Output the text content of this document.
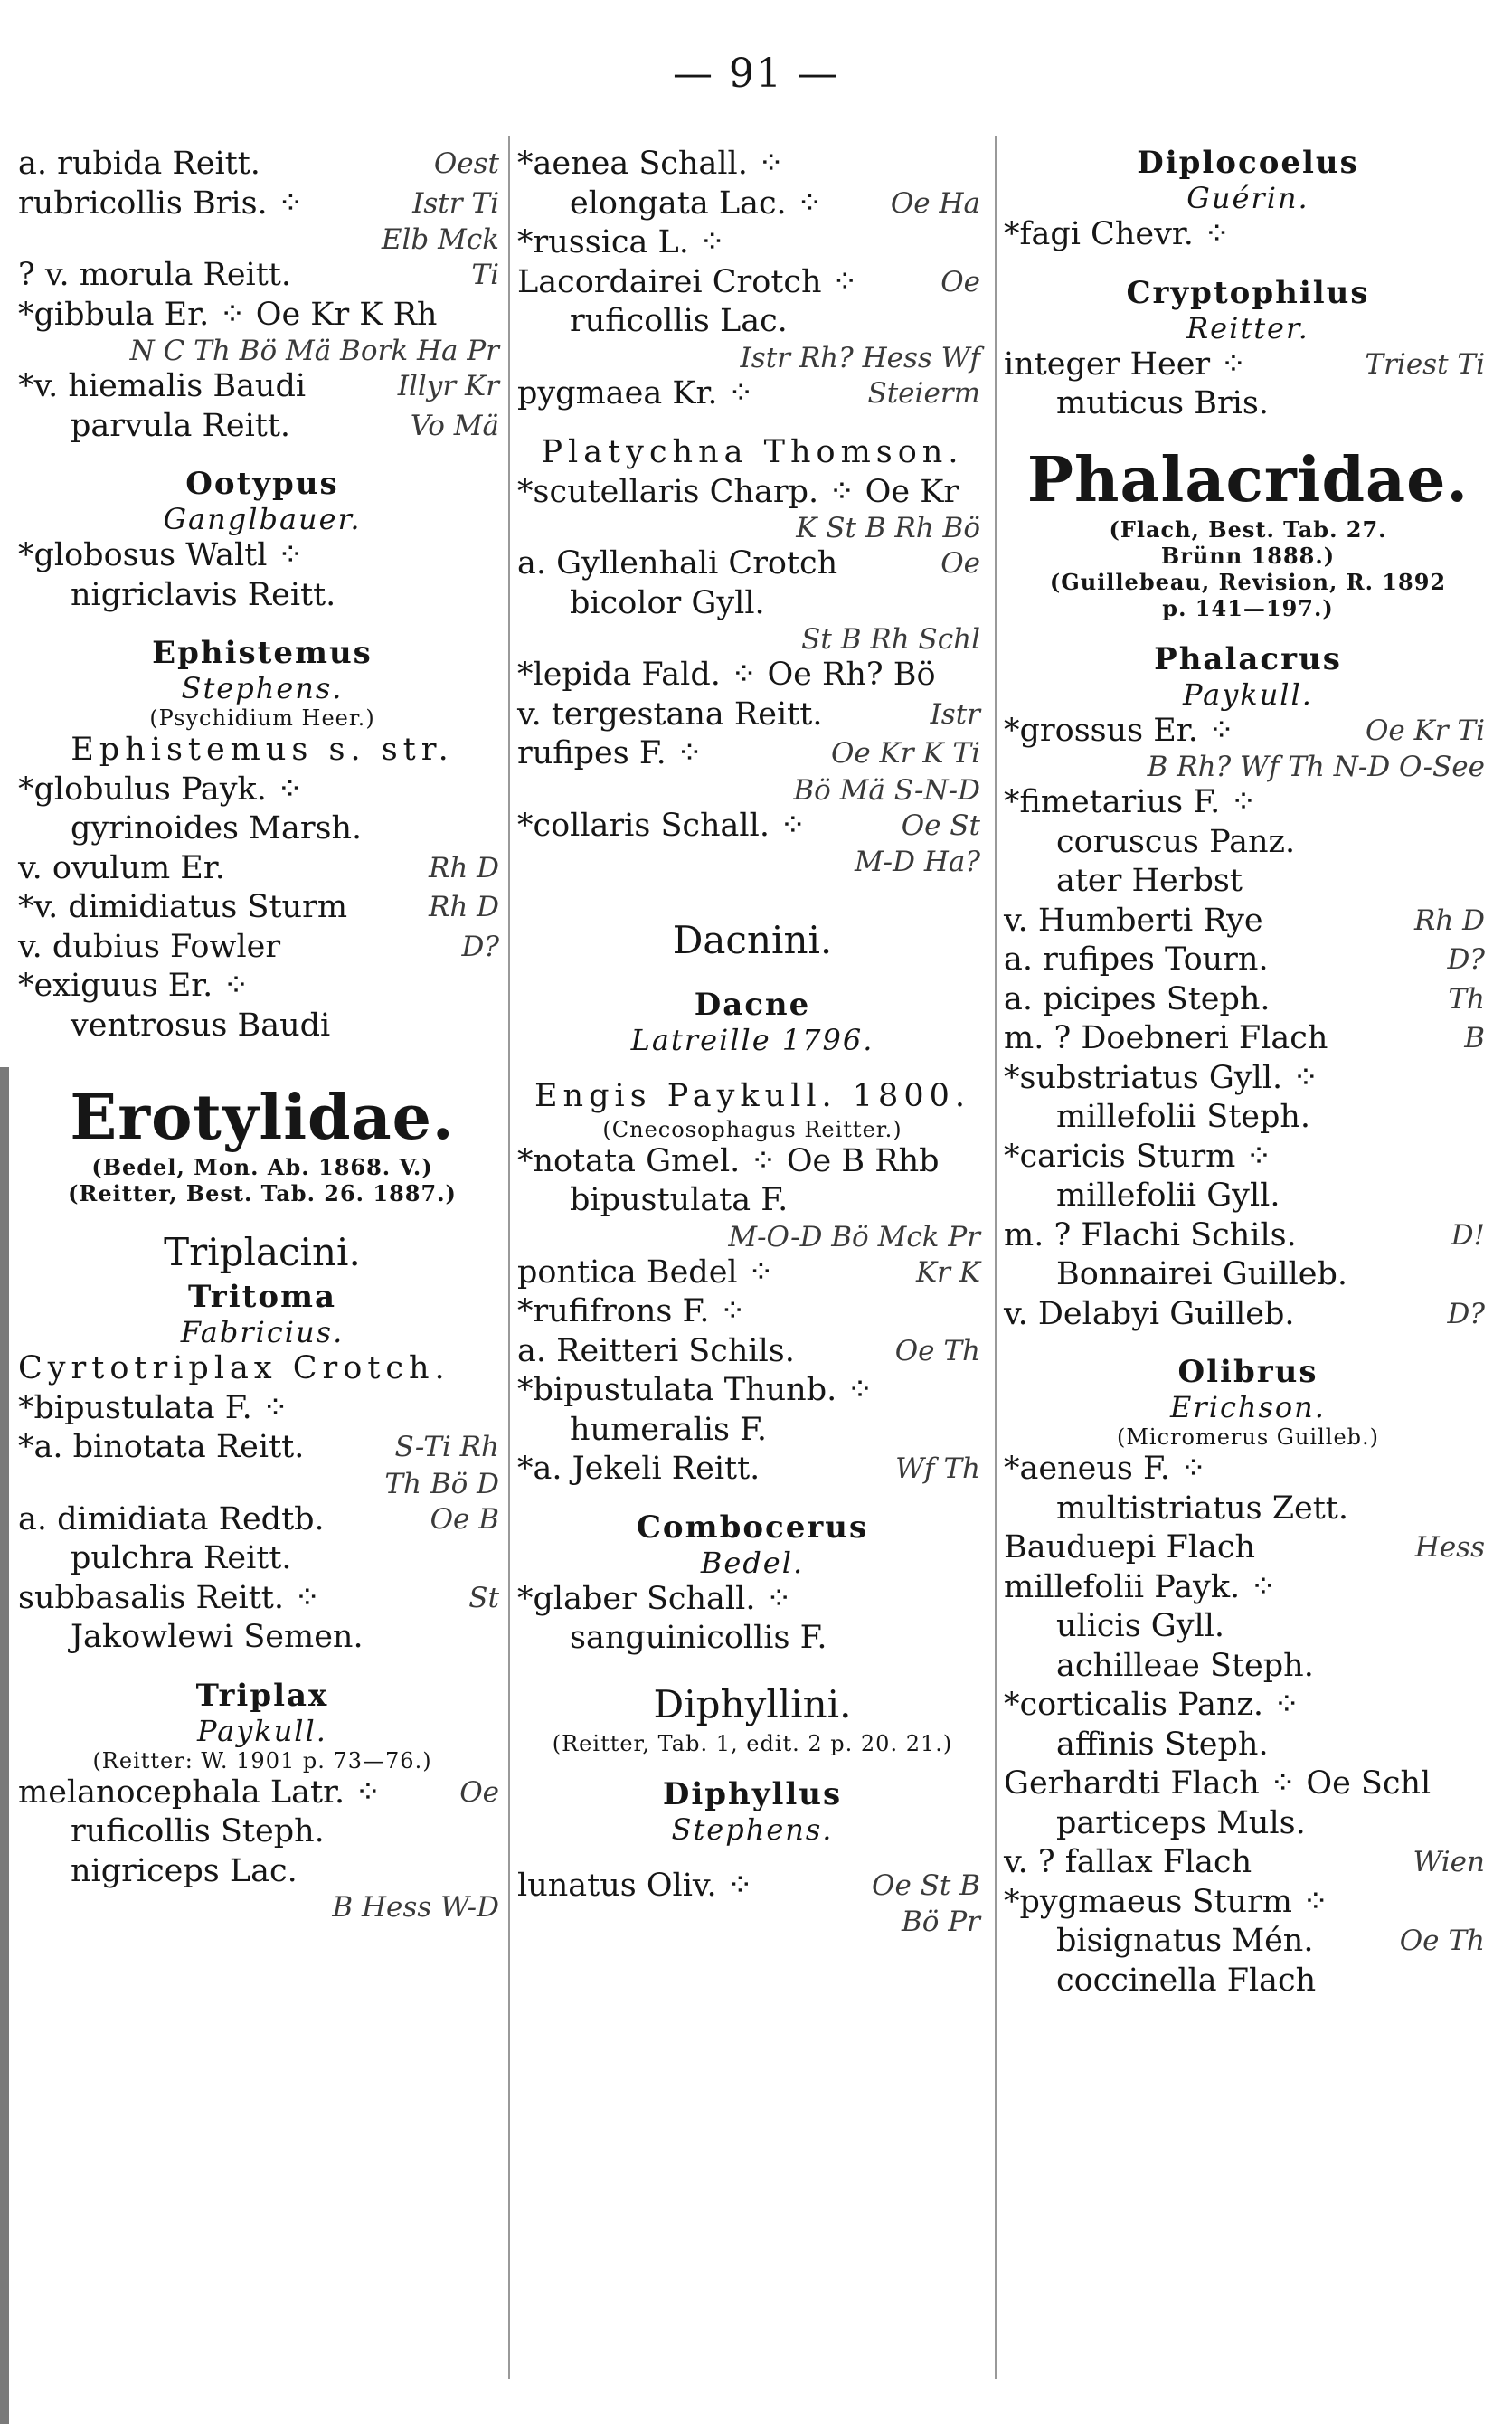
— 91 —
a. rubida Reitt.	Oest
rubricollis Bris. ⁘	Istr Ti
Elb Mck
? v. morula Reitt.	Ti
*gibbula Er. ⁘ Oe Kr K Rh
N C Th Bö Mä Bork Ha Pr
*v. hiemalis Baudi	Illyr Kr
parvula Reitt.	Vo Mä
Ootypus
Ganglbauer.
*globosus Waltl ⁘
nigriclavis Reitt.
Ephistemus
Stephens.
(Psychidium Heer.)
Ephistemus s. str.
*globulus Payk. ⁘
gyrinoides Marsh.
v. ovulum Er.	Rh D
*v. dimidiatus Sturm	Rh D
v. dubius Fowler	D?
*exiguus Er. ⁘
ventrosus Baudi
Erotylidae.
(Bedel, Mon. Ab. 1868. V.)
(Reitter, Best. Tab. 26. 1887.)
Triplacini.
Tritoma
Fabricius.
Cyrtotriplax Crotch.
*bipustulata F. ⁘
*a. binotata Reitt.	S-Ti Rh
Th Bö D
a. dimidiata Redtb.	Oe B
pulchra Reitt.
subbasalis Reitt. ⁘	St
Jakowlewi Semen.
Triplax
Paykull.
(Reitter: W. 1901 p. 73—76.)
melanocephala Latr. ⁘	Oe
ruficollis Steph.
nigriceps Lac.
B Hess W-D
*aenea Schall. ⁘
elongata Lac. ⁘ Oe Ha
*russica L. ⁘
Lacordairei Crotch ⁘	Oe
ruficollis Lac.
Istr Rh? Hess Wf
pygmaea Kr. ⁘	Steierm
Platychna Thomson.
*scutellaris Charp. ⁘ Oe Kr
K St B Rh Bö
a. Gyllenhali Crotch	Oe
bicolor Gyll.
St B Rh Schl
*lepida Fald. ⁘ Oe Rh? Bö
v. tergestana Reitt.	Istr
rufipes F. ⁘	Oe Kr K Ti
Bö Mä S-N-D
*collaris Schall. ⁘	Oe St
M-D Ha?
Dacnini.
Dacne
Latreille 1796.
Engis Paykull. 1800.
(Cnecosophagus Reitter.)
*notata Gmel. ⁘ Oe B Rhb
bipustulata F.
M-O-D Bö Mck Pr
pontica Bedel ⁘	Kr K
*rufifrons F. ⁘
a. Reitteri Schils.	Oe Th
*bipustulata Thunb. ⁘
humeralis F.
*a. Jekeli Reitt.	Wf Th
Combocerus
Bedel.
*glaber Schall. ⁘
sanguinicollis F.
Diphyllini.
(Reitter, Tab. 1, edit. 2 p. 20. 21.)
Diphyllus
Stephens.
lunatus Oliv. ⁘	Oe St B
Bö Pr
Diplocoelus
Guérin.
*fagi Chevr. ⁘
Cryptophilus
Reitter.
integer Heer ⁘	Triest Ti
muticus Bris.
Phalacridae.
(Flach, Best. Tab. 27.
Brünn 1888.)
(Guillebeau, Revision, R. 1892
p. 141—197.)
Phalacrus
Paykull.
*grossus Er. ⁘	Oe Kr Ti
B Rh? Wf Th N-D O-See
*fimetarius F. ⁘
coruscus Panz.
ater Herbst
v. Humberti Rye	Rh D
a. rufipes Tourn.	D?
a. picipes Steph.	Th
m. ? Doebneri Flach	B
*substriatus Gyll. ⁘
millefolii Steph.
*caricis Sturm ⁘
millefolii Gyll.
m. ? Flachi Schils.	D!
Bonnairei Guilleb.
v. Delabyi Guilleb.	D?
Olibrus
Erichson.
(Micromerus Guilleb.)
*aeneus F. ⁘
multistriatus Zett.
Bauduері Flach	Hess
millefolii Payk. ⁘
ulicis Gyll.
achilleae Steph.
*corticalis Panz. ⁘
affinis Steph.
Gerhardti Flach ⁘ Oe Schl
particeps Muls.
v. ? fallax Flach	Wien
*pygmaeus Sturm ⁘
bisignatus Mén.	Oe Th
coccinella Flach
